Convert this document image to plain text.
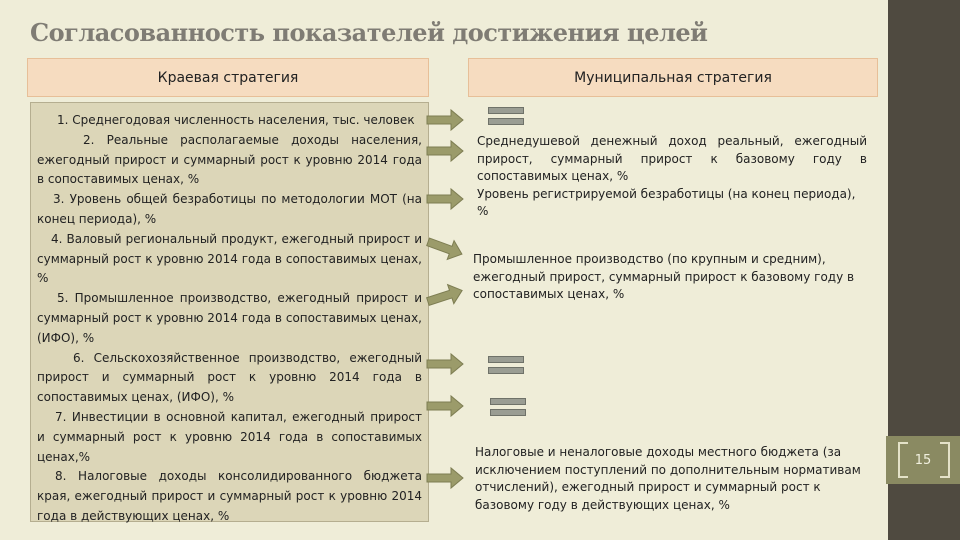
Согласованность показателей достижения целей
Краевая стратегия	Муниципальная стратегия

1. Среднегодовая численность населения, тыс. человек

2. Реальные располагаемые доходы населения, ежегодный прирост и суммарный рост к уровню 2014 года в сопоставимых ценах, %

3. Уровень общей безработицы по методологии МОТ (на конец периода), %

4. Валовый региональный продукт, ежегодный прирост и суммарный рост к уровню 2014 года в сопоставимых ценах, %

5. Промышленное производство, ежегодный прирост и суммарный рост к уровню 2014 года в сопоставимых ценах, (ИФО), %

6. Сельскохозяйственное производство, ежегодный прирост и суммарный рост к уровню 2014 года в сопоставимых ценах, (ИФО), %

7. Инвестиции в основной капитал, ежегодный прирост и суммарный рост к уровню 2014 года в сопоставимых ценах,%

8. Налоговые доходы консолидированного бюджета края, ежегодный прирост и суммарный рост к уровню 2014 года в действующих ценах, %

Среднедушевой денежный доход реальный, ежегодный прирост, суммарный прирост к базовому году в сопоставимых ценах, %
Уровень регистрируемой безработицы (на конец периода), %
Промышленное производство (по крупным и средним), ежегодный прирост, суммарный прирост к базовому году в сопоставимых ценах, %
Налоговые и неналоговые доходы местного бюджета (за исключением поступлений по дополнительным нормативам отчислений), ежегодный прирост и суммарный рост к базовому году в действующих ценах, %
15
